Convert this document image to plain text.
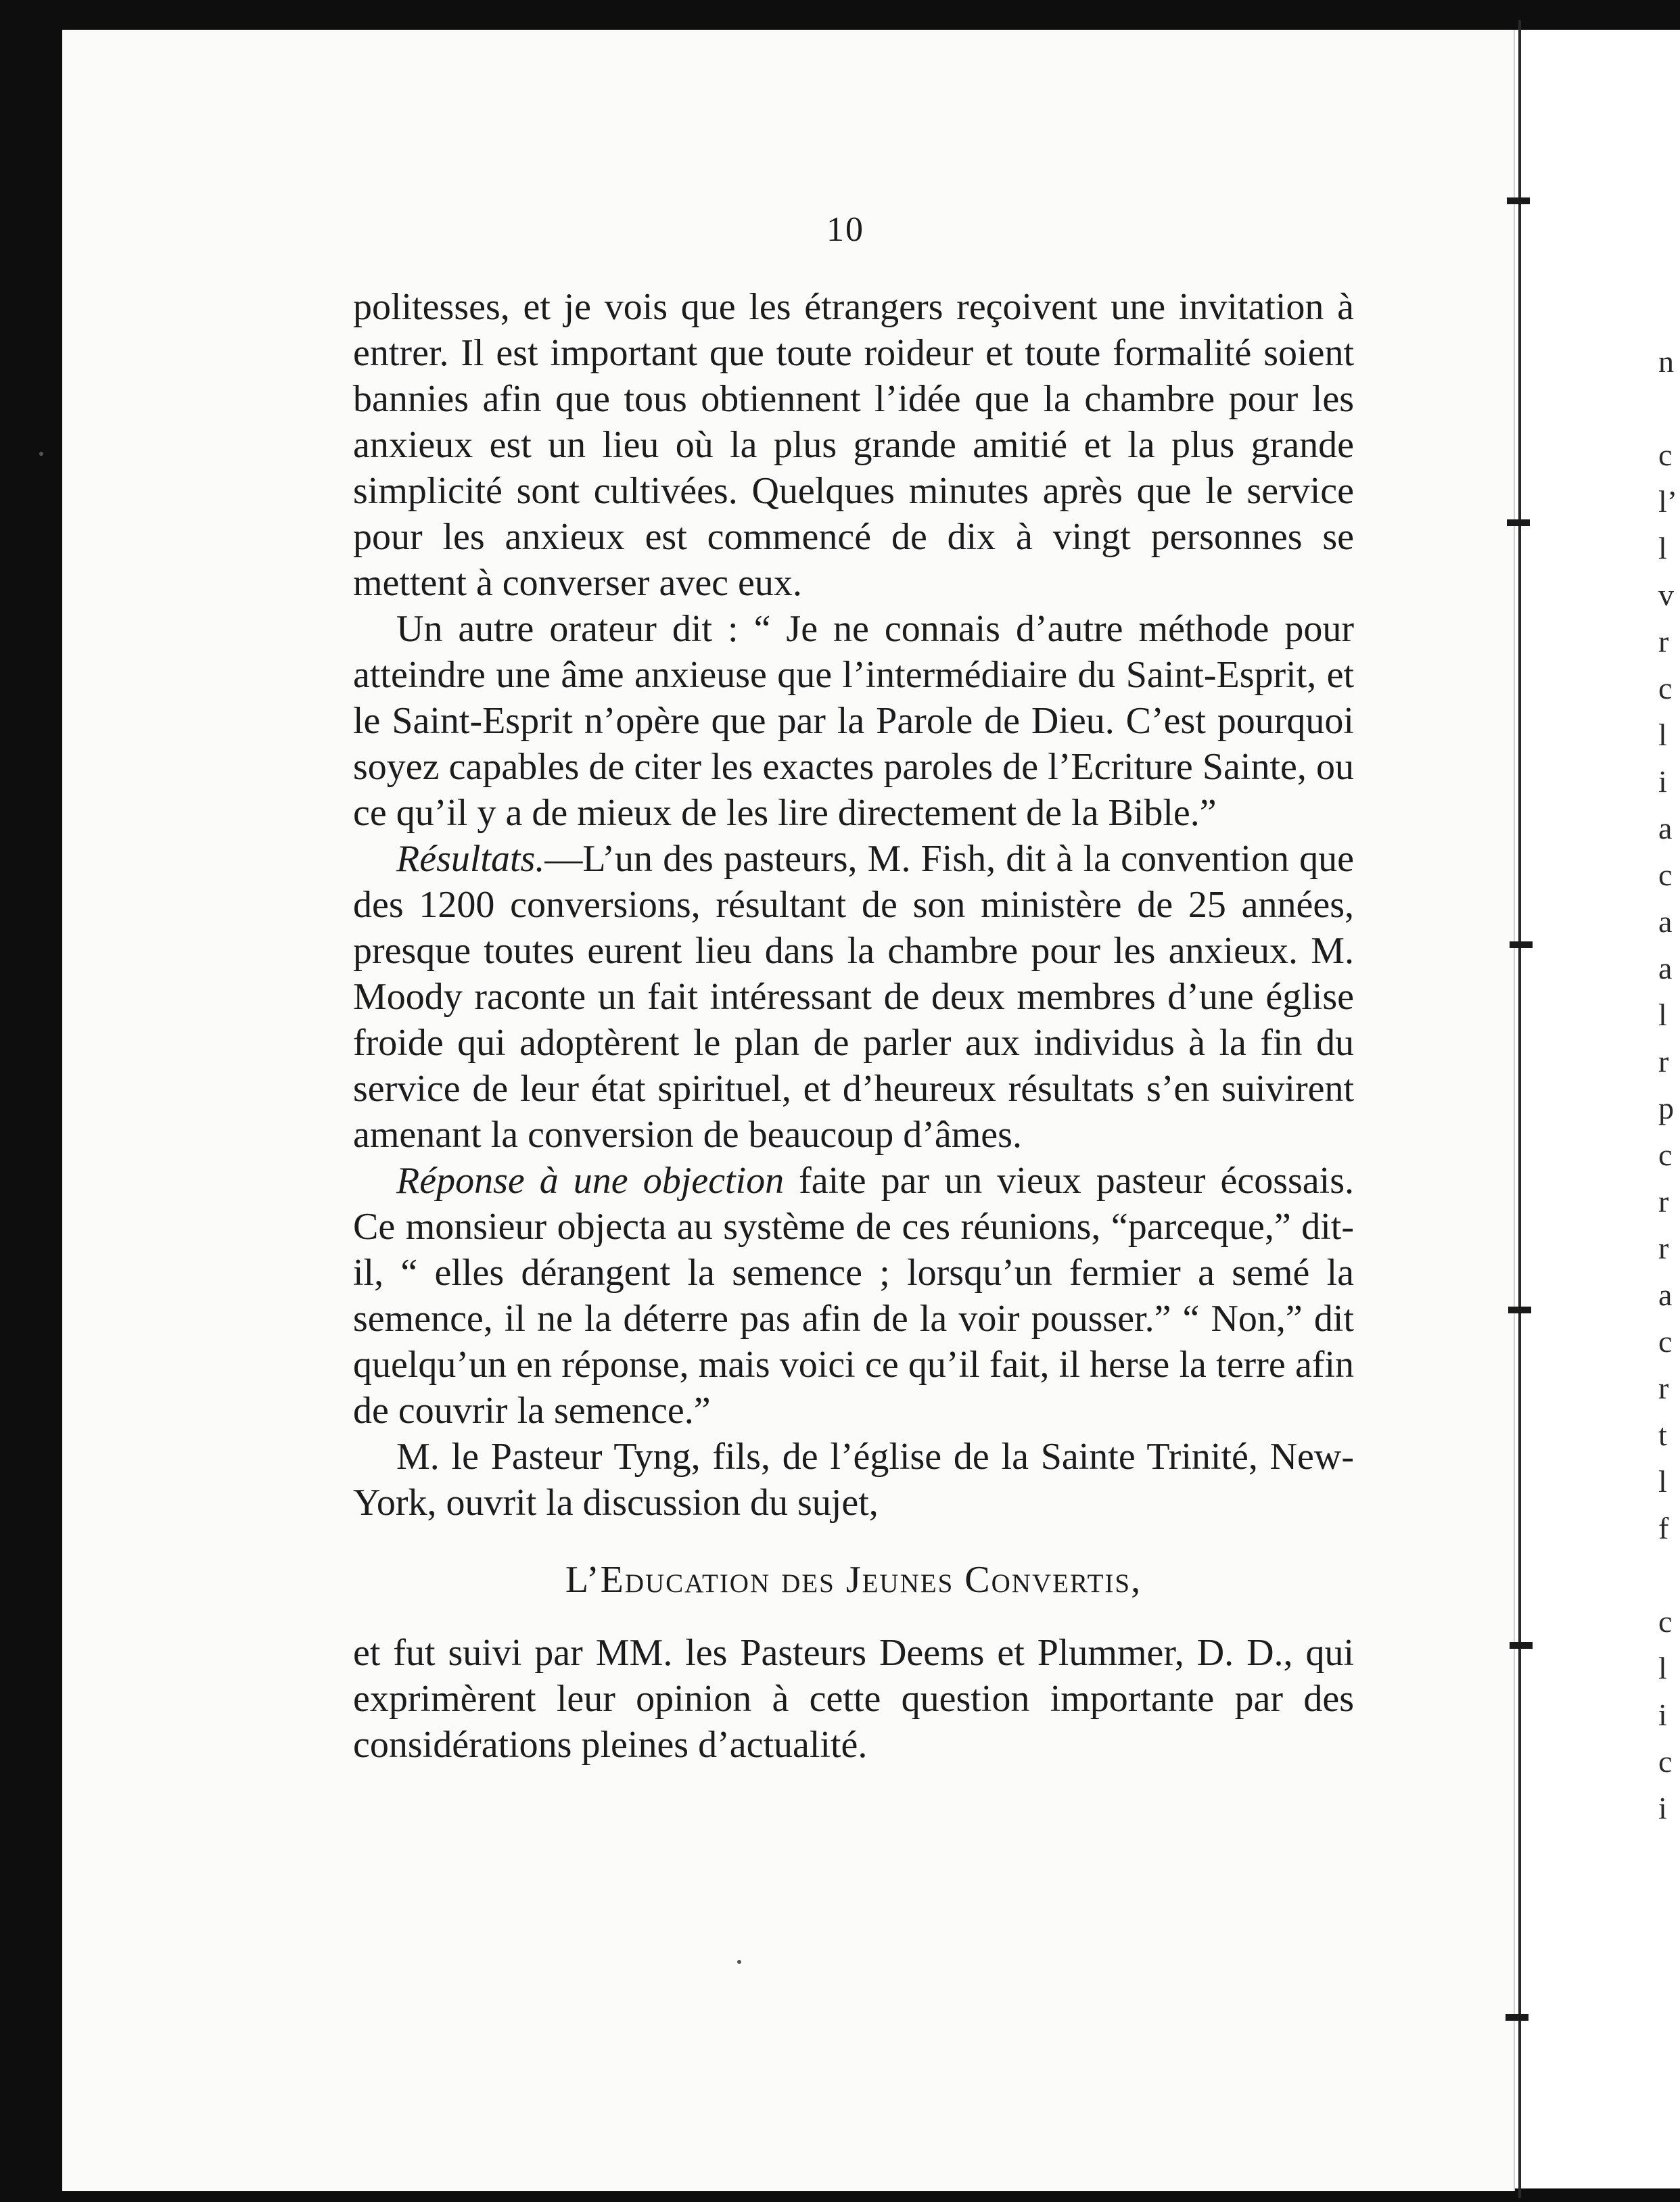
10

politesses, et je vois que les étrangers reçoivent une invitation à entrer. Il est important que toute roideur et toute formalité soient bannies afin que tous obtiennent l’idée que la chambre pour les anxieux est un lieu où la plus grande amitié et la plus grande simplicité sont cultivées. Quelques minutes après que le service pour les anxieux est commencé de dix à vingt personnes se mettent à converser avec eux.

Un autre orateur dit : “ Je ne connais d’autre méthode pour atteindre une âme anxieuse que l’intermédiaire du Saint-Esprit, et le Saint-Esprit n’opère que par la Parole de Dieu. C’est pourquoi soyez capables de citer les exactes paroles de l’Ecriture Sainte, ou ce qu’il y a de mieux de les lire directement de la Bible.”

Résultats.—L’un des pasteurs, M. Fish, dit à la convention que des 1200 conversions, résultant de son ministère de 25 années, presque toutes eurent lieu dans la chambre pour les anxieux. M. Moody raconte un fait intéressant de deux membres d’une église froide qui adoptèrent le plan de parler aux individus à la fin du service de leur état spirituel, et d’heureux résultats s’en suivirent amenant la conversion de beaucoup d’âmes.

Réponse à une objection faite par un vieux pasteur écossais. Ce monsieur objecta au système de ces réunions, “parceque,” dit-il, “ elles dérangent la semence ; lorsqu’un fermier a semé la semence, il ne la déterre pas afin de la voir pousser.” “ Non,” dit quelqu’un en réponse, mais voici ce qu’il fait, il herse la terre afin de couvrir la semence.”

M. le Pasteur Tyng, fils, de l’église de la Sainte Trinité, New-York, ouvrit la discussion du sujet,

L’Education des Jeunes Convertis,

et fut suivi par MM. les Pasteurs Deems et Plummer, D. D., qui exprimèrent leur opinion à cette question importante par des considérations pleines d’actualité.

n
c
l’
l
v
r
c
l
i
a
c
a
a
l
r
p
c
r
r
a
c
r
t
l
f
c
l
i
c
i
